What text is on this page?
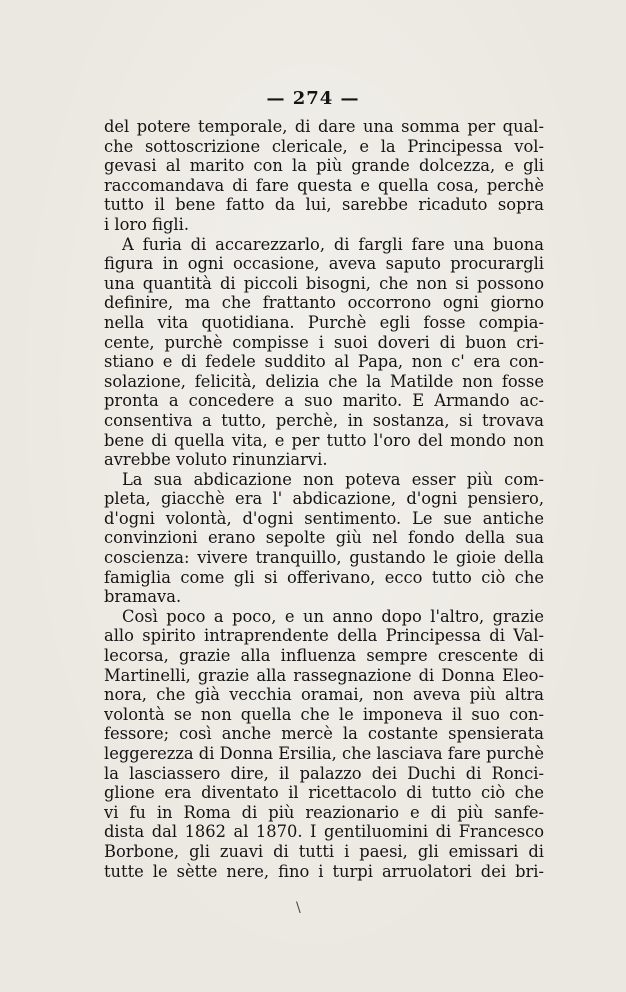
— 274 —
del potere temporale, di dare una somma per qual-
che sottoscrizione clericale, e la Principessa vol-
gevasi al marito con la più grande dolcezza, e gli
raccomandava di fare questa e quella cosa, perchè
tutto il bene fatto da lui, sarebbe ricaduto sopra
i loro figli.
A furia di accarezzarlo, di fargli fare una buona
figura in ogni occasione, aveva saputo procurargli
una quantità di piccoli bisogni, che non si possono
definire, ma che frattanto occorrono ogni giorno
nella vita quotidiana. Purchè egli fosse compia-
cente, purchè compisse i suoi doveri di buon cri-
stiano e di fedele suddito al Papa, non c' era con-
solazione, felicità, delizia che la Matilde non fosse
pronta a concedere a suo marito. E Armando ac-
consentiva a tutto, perchè, in sostanza, si trovava
bene di quella vita, e per tutto l'oro del mondo non
avrebbe voluto rinunziarvi.
La sua abdicazione non poteva esser più com-
pleta, giacchè era l' abdicazione, d'ogni pensiero,
d'ogni volontà, d'ogni sentimento. Le sue antiche
convinzioni erano sepolte giù nel fondo della sua
coscienza: vivere tranquillo, gustando le gioie della
famiglia come gli si offerivano, ecco tutto ciò che
bramava.
Così poco a poco, e un anno dopo l'altro, grazie
allo spirito intraprendente della Principessa di Val-
lecorsa, grazie alla influenza sempre crescente di
Martinelli, grazie alla rassegnazione di Donna Eleo-
nora, che già vecchia oramai, non aveva più altra
volontà se non quella che le imponeva il suo con-
fessore; così anche mercè la costante spensierata
leggerezza di Donna Ersilia, che lasciava fare purchè
la lasciassero dire, il palazzo dei Duchi di Ronci-
glione era diventato il ricettacolo di tutto ciò che
vi fu in Roma di più reazionario e di più sanfe-
dista dal 1862 al 1870. I gentiluomini di Francesco
Borbone, gli zuavi di tutti i paesi, gli emissari di
tutte le sètte nere, fino i turpi arruolatori dei bri-
\
